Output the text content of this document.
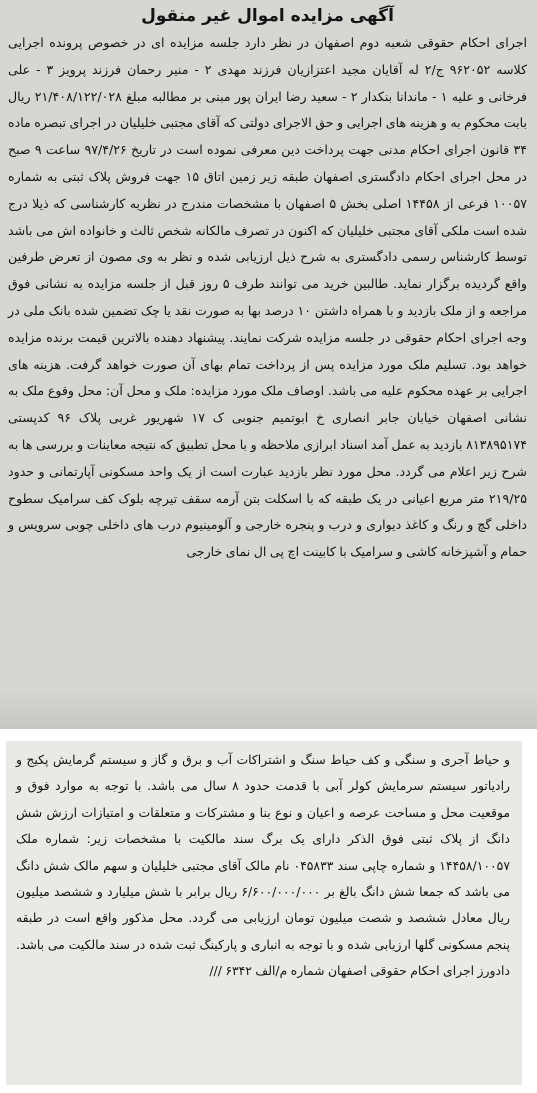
آگهی مزایده اموال غیر منقول

اجرای احکام حقوقی شعبه دوم اصفهان در نظر دارد جلسه مزایده ای در خصوص پرونده اجرایی کلاسه ۹۶۲۰۵۲ ج/۲ له آقایان مجید اعتزازیان فرزند مهدی ۲ - منیر رحمان فرزند پرویز ۳ - علی فرخانی و علیه ۱ - ماندانا بنکدار ۲ - سعید رضا ایران پور مبنی بر مطالبه مبلغ ۲۱/۴۰۸/۱۲۲/۰۲۸ ریال بابت محکوم به و هزینه های اجرایی و حق الاجرای دولتی که آقای مجتبی خلیلیان در اجرای تبصره ماده ۳۴ قانون اجرای احکام مدنی جهت پرداخت دین معرفی نموده است در تاریخ ۹۷/۴/۲۶ ساعت ۹ صبح در محل اجرای احکام دادگستری اصفهان طبقه زیر زمین اتاق ۱۵ جهت فروش پلاک ثبتی به شماره ۱۰۰۵۷ فرعی از ۱۴۴۵۸ اصلی بخش ۵ اصفهان با مشخصات مندرج در نظریه کارشناسی که ذیلا درج شده است ملکی آقای مجتبی خلیلیان که اکنون در تصرف مالکانه شخص ثالث و خانواده اش می باشد توسط کارشناس رسمی دادگستری به شرح ذیل ارزیابی شده و نظر به وی مصون از تعرض طرفین واقع گردیده برگزار نماید. طالبین خرید می توانند طرف ۵ روز قبل از جلسه مزایده به نشانی فوق مراجعه و از ملک بازدید و با همراه داشتن ۱۰ درصد بها به صورت نقد یا چک تضمین شده بانک ملی در وجه اجرای احکام حقوقی در جلسه مزایده شرکت نمایند. پیشنهاد دهنده بالاترین قیمت برنده مزایده خواهد بود. تسلیم ملک مورد مزایده پس از پرداخت تمام بهای آن صورت خواهد گرفت. هزینه های اجرایی بر عهده محکوم علیه می باشد. اوصاف ملک مورد مزایده: ملک و محل آن: محل وقوع ملک به نشانی اصفهان خیابان جابر انصاری خ ابوتمیم جنوبی ک ۱۷ شهریور غربی پلاک ۹۶ کدپستی ۸۱۳۸۹۵۱۷۴ بازدید به عمل آمد اسناد ابرازی ملاحظه و با محل تطبیق که نتیجه معاینات و بررسی ها به شرح زیر اعلام می گردد. محل مورد نظر بازدید عبارت است از یک واحد مسکونی آپارتمانی و حدود ۲۱۹/۲۵ متر مربع اعیانی در یک طبقه که با اسکلت بتن آرمه سقف تیرچه بلوک کف سرامیک سطوح داخلی گچ و رنگ و کاغذ دیواری و درب و پنجره خارجی و آلومینیوم درب های داخلی چوبی سرویس و حمام و آشپزخانه کاشی و سرامیک با کابینت اچ پی ال نمای خارجی

و حیاط آجری و سنگی و کف حیاط سنگ و اشتراکات آب و برق و گاز و سیستم گرمایش پکیج و رادیاتور سیستم سرمایش کولر آبی با قدمت حدود ۸ سال می باشد. با توجه به موارد فوق و موقعیت محل و مساحت عرصه و اعیان و نوع بنا و مشترکات و متعلقات و امتیازات ارزش شش دانگ از پلاک ثبتی فوق الذکر دارای یک برگ سند مالکیت با مشخصات زیر: شماره ملک ۱۴۴۵۸/۱۰۰۵۷ و شماره چاپی سند ۰۴۵۸۳۳ نام مالک آقای مجتبی خلیلیان و سهم مالک شش دانگ می باشد که جمعا شش دانگ بالغ بر ۶/۶۰۰/۰۰۰/۰۰۰ ریال برابر با شش میلیارد و ششصد میلیون ریال معادل ششصد و شصت میلیون تومان ارزیابی می گردد. محل مذکور واقع است در طبقه پنجم مسکونی گلها ارزیابی شده و با توجه به انباری و پارکینگ ثبت شده در سند مالکیت می باشد. دادورز اجرای احکام حقوقی اصفهان شماره م/الف ۶۳۴۲ ///
